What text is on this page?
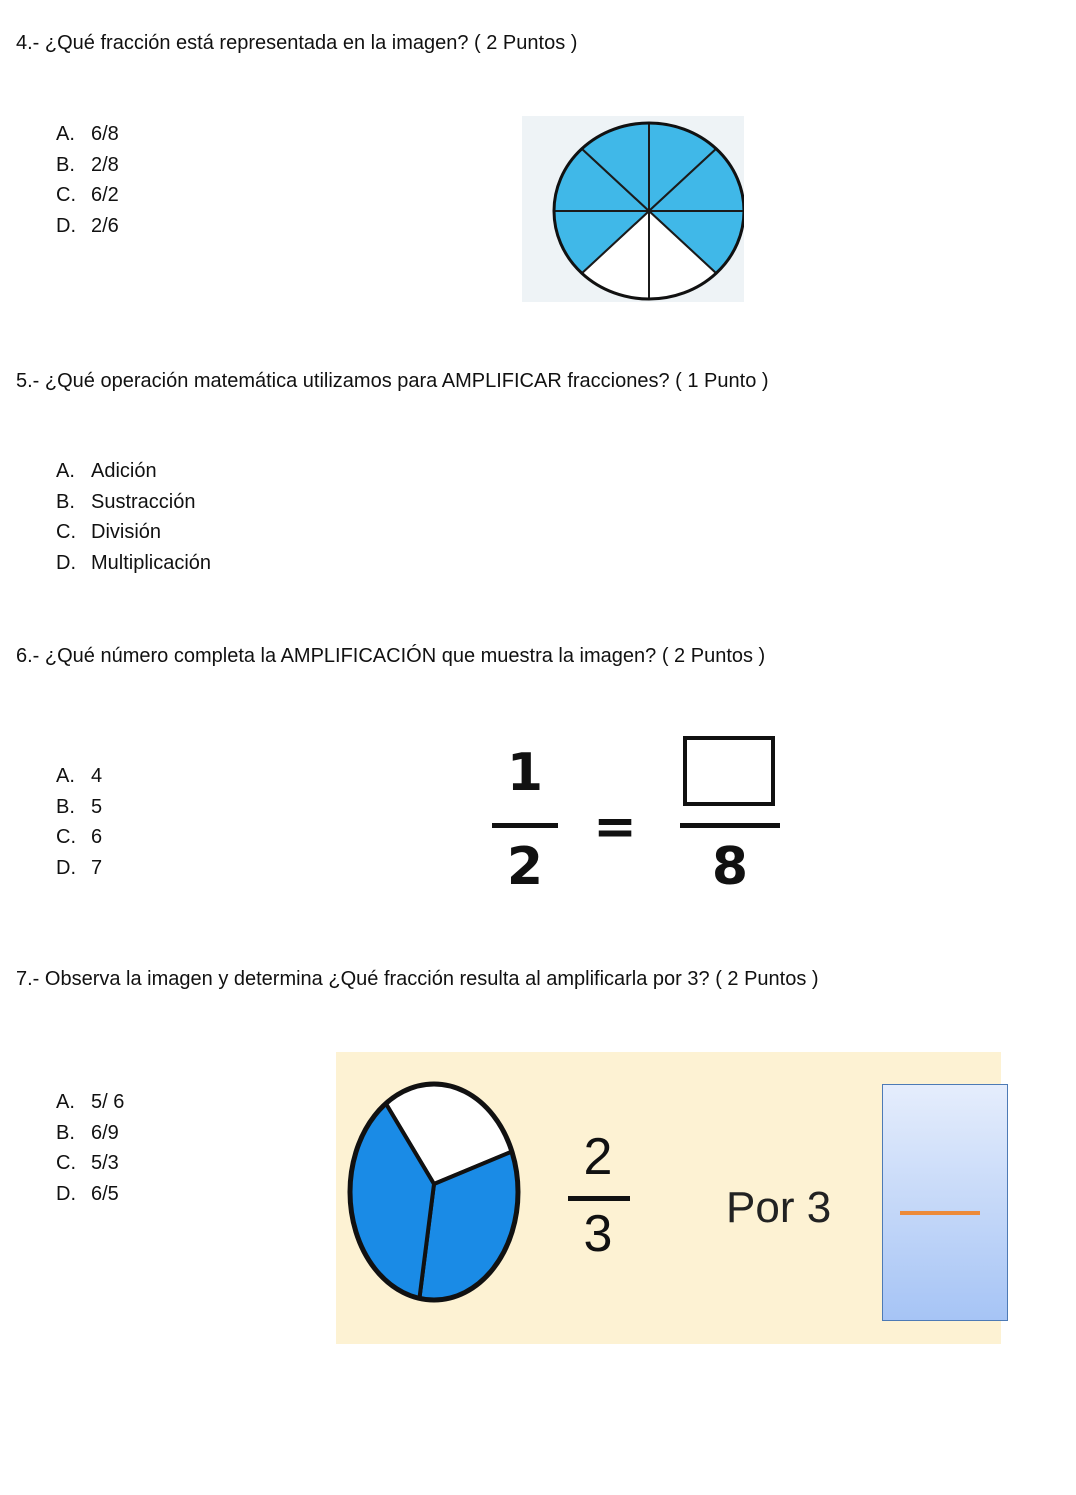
4.- ¿Qué fracción está representada en la imagen? ( 2 Puntos )
A. 6/8
B. 2/8
C. 6/2
D. 2/6
5.- ¿Qué operación matemática utilizamos para AMPLIFICAR fracciones? ( 1 Punto )
A. Adición
B. Sustracción
C. División
D. Multiplicación
6.- ¿Qué número completa la AMPLIFICACIÓN que muestra la imagen? ( 2 Puntos )
A. 4
B. 5
C. 6
D. 7
1
2
=
8
7.- Observa la imagen y determina ¿Qué fracción resulta al amplificarla por 3? ( 2 Puntos )
A. 5/ 6
B. 6/9
C. 5/3
D. 6/5
2
3	Por 3
